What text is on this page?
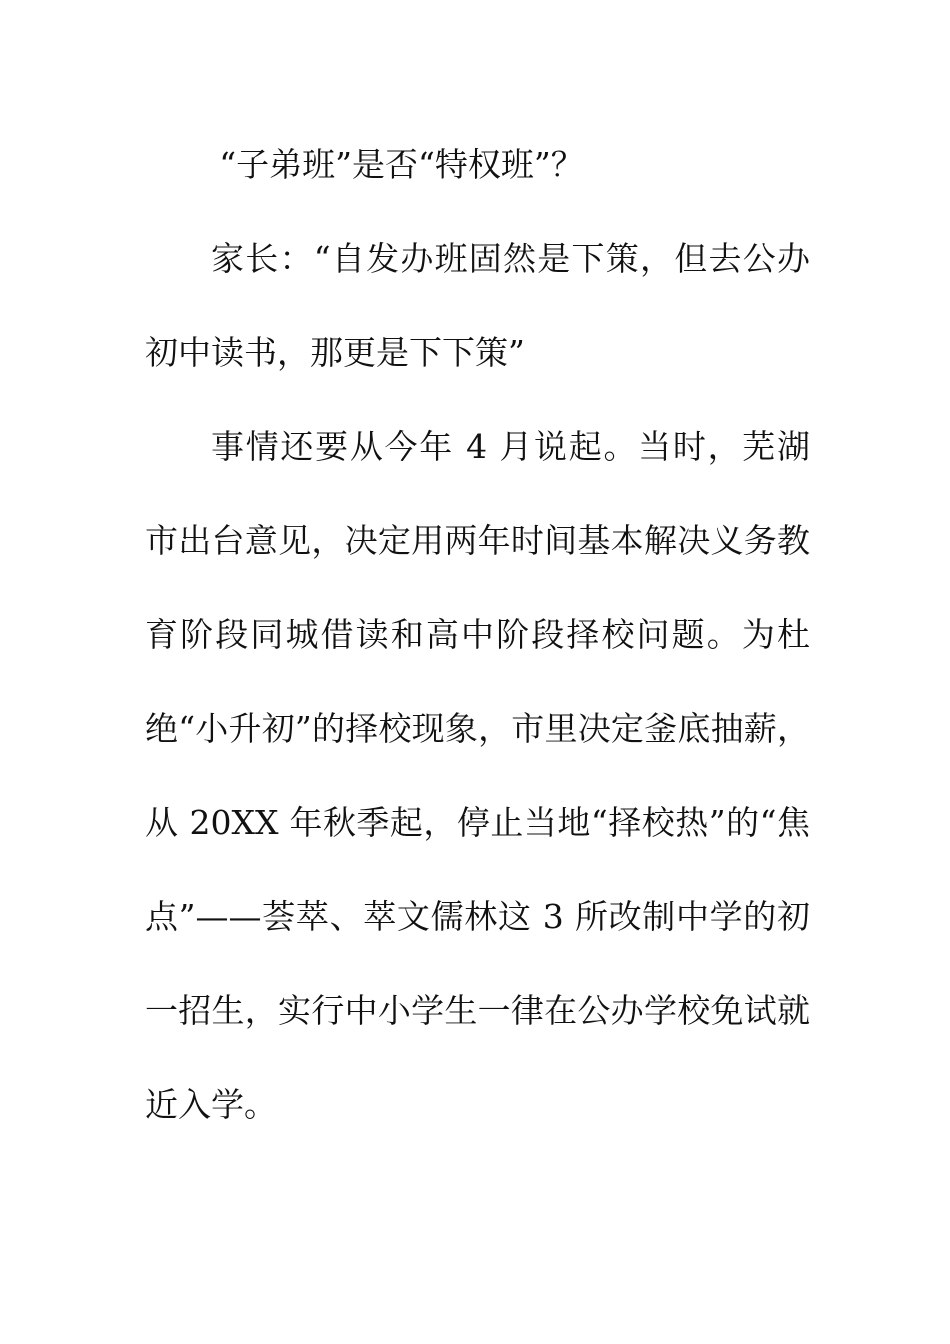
“子弟班”是否“特权班”？

家长：“自发办班固然是下策，但去公办初中读书，那更是下下策”

事情还要从今年 4 月说起。当时，芜湖市出台意见，决定用两年时间基本解决义务教育阶段同城借读和高中阶段择校问题。为杜绝“小升初”的择校现象，市里决定釜底抽薪，从 20XX 年秋季起，停止当地“择校热”的“焦点”——荟萃、萃文儒林这 3 所改制中学的初一招生，实行中小学生一律在公办学校免试就近入学。
